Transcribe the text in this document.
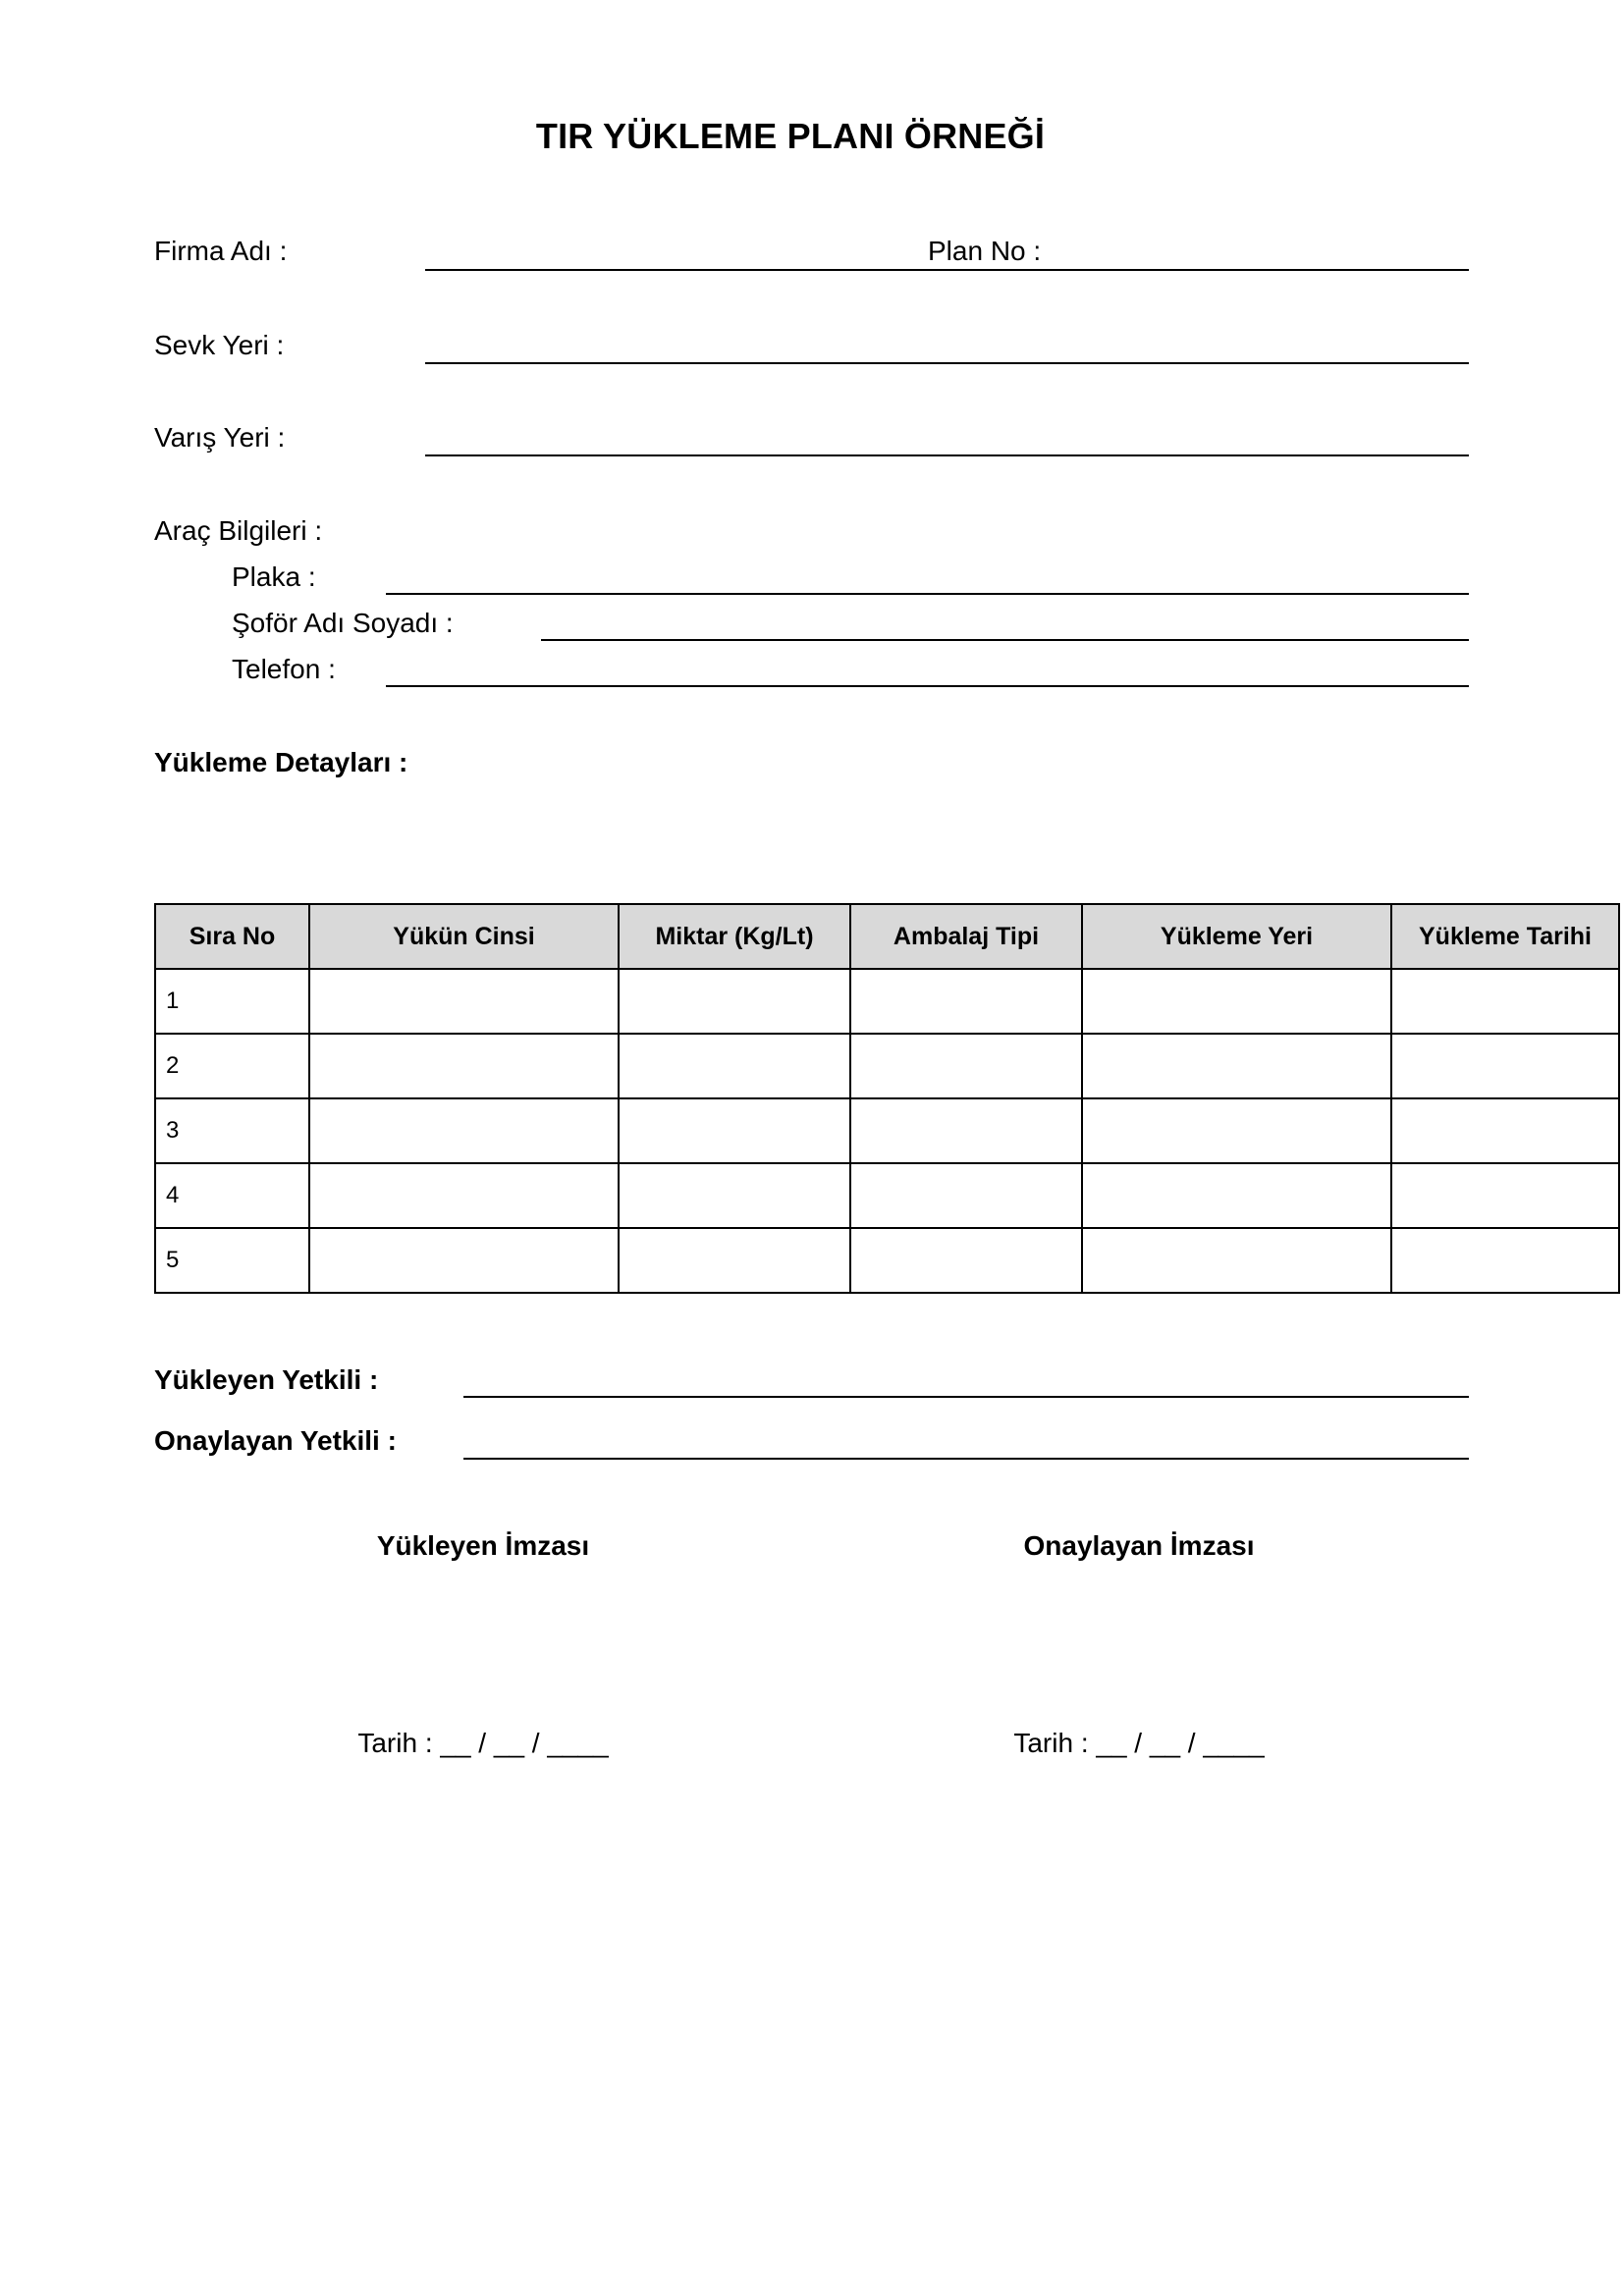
TIR YÜKLEME PLANI ÖRNEĞİ
Firma Adı :	Plan No :
Sevk Yeri :
Varış Yeri :
Araç Bilgileri :
Plaka :
Şoför Adı Soyadı :
Telefon :
Yükleme Detayları :
Sıra No	Yükün Cinsi	Miktar (Kg/Lt)	Ambalaj Tipi	Yükleme Yeri	Yükleme Tarihi
1					
2					
3					
4					
5					
Yükleyen Yetkili :
Onaylayan Yetkili :
Yükleyen İmzası	Onaylayan İmzası
Tarih : __ / __ / ____	Tarih : __ / __ / ____
